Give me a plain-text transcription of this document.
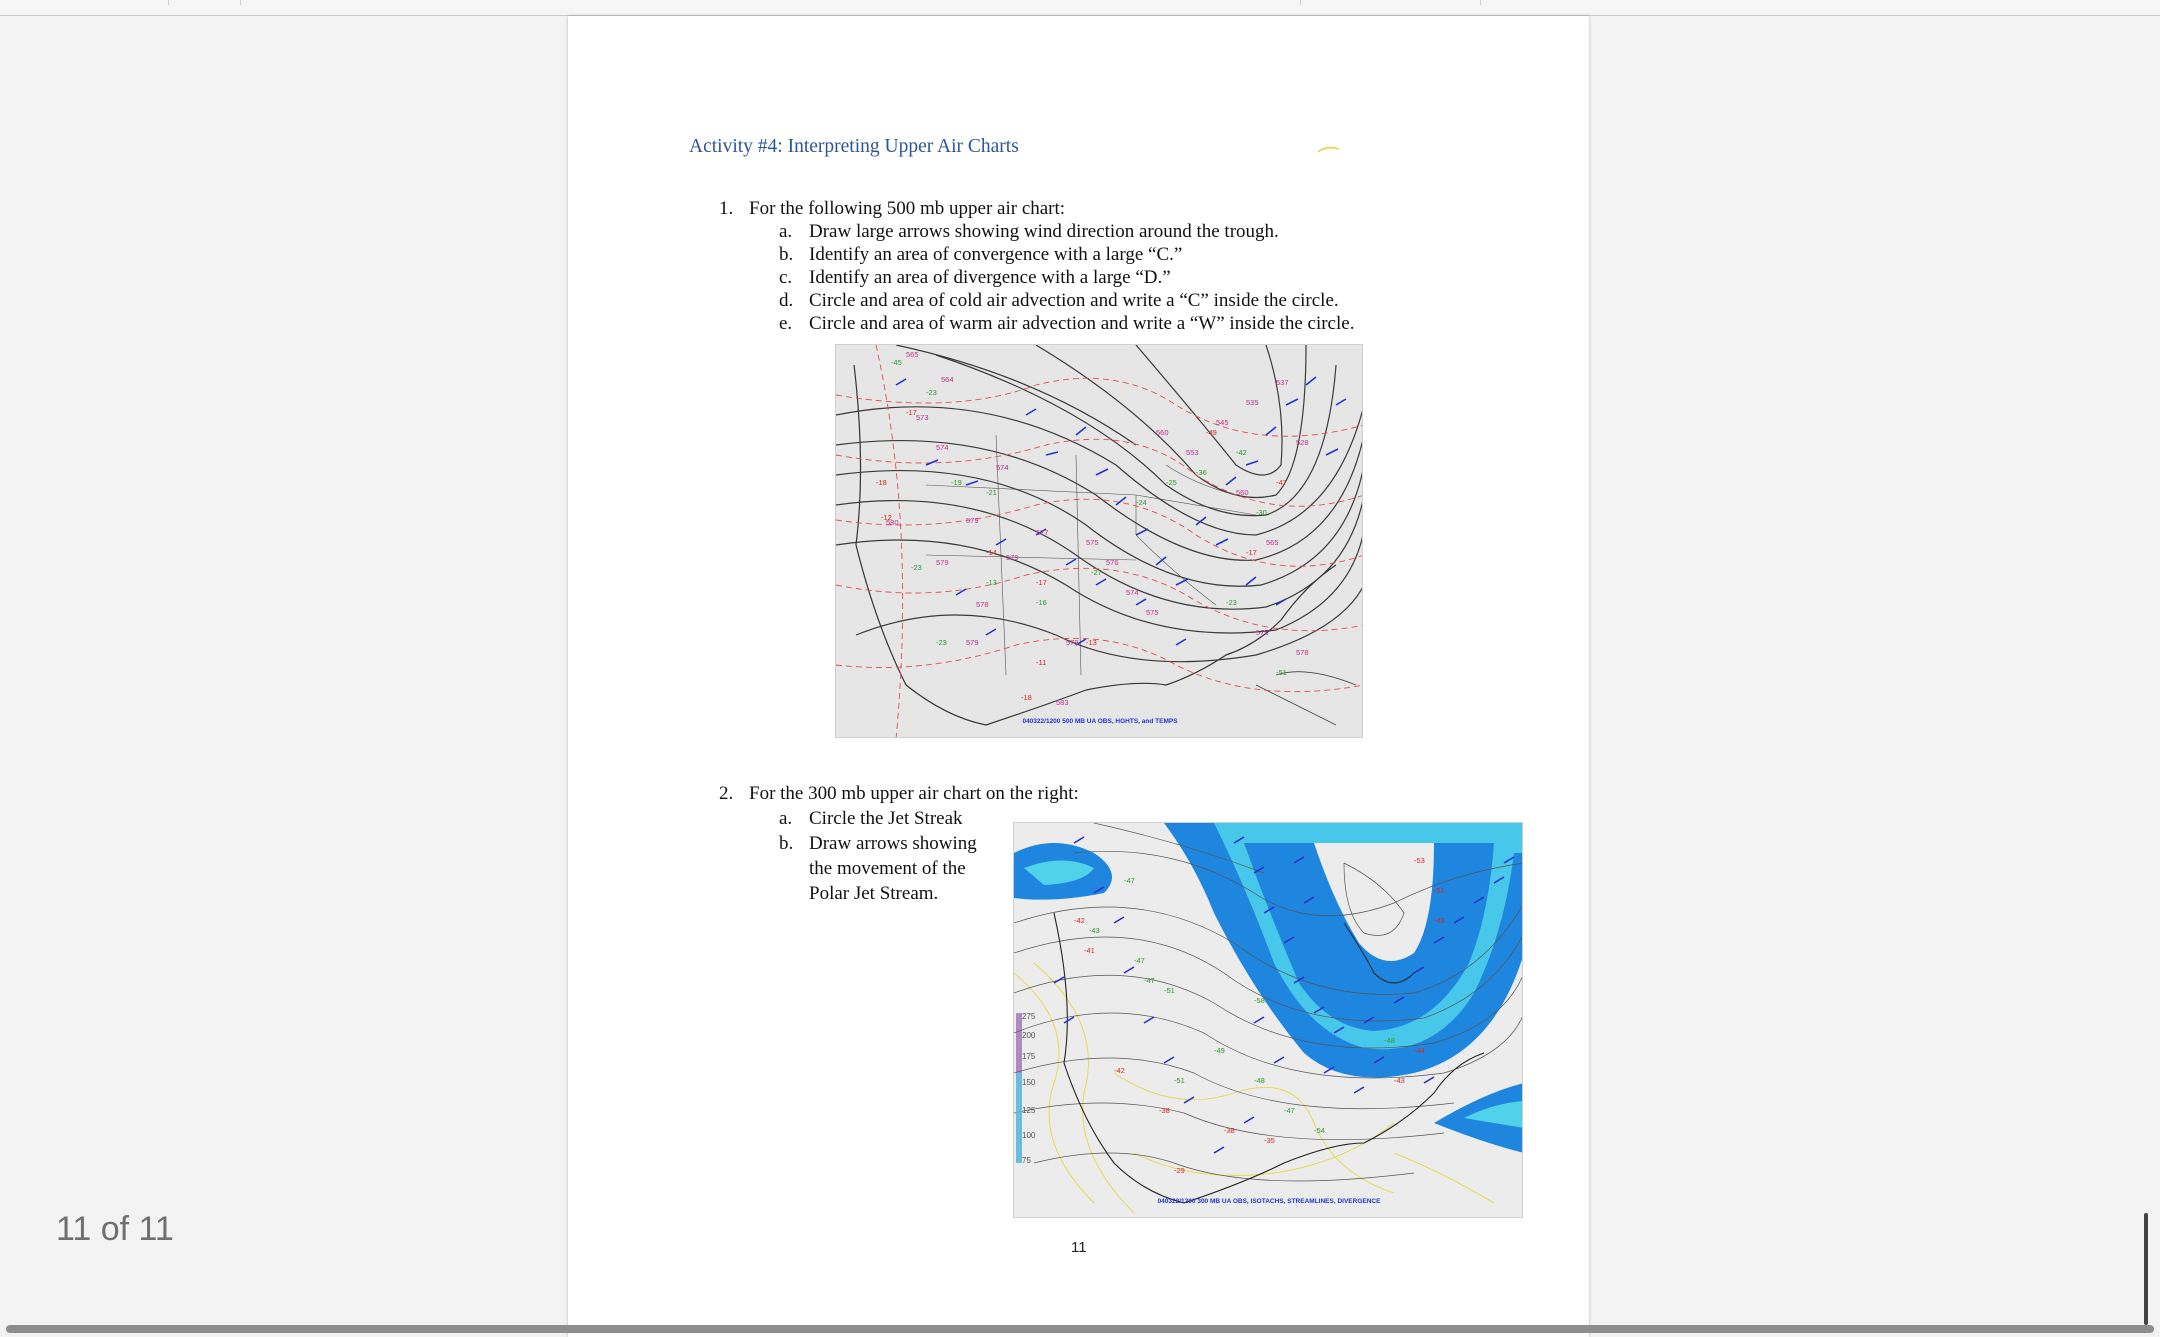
Activity #4: Interpreting Upper Air Charts
1. For the following 500 mb upper air chart:
a. Draw large arrows showing wind direction around the trough.
b. Identify an area of convergence with a large “C.”
c. Identify an area of divergence with a large “D.”
d. Circle and area of cold air advection and write a “C” inside the circle.
e. Circle and area of warm air advection and write a “W” inside the circle.
565
564
573
574
574
579
580
579
579
577
575
576
578
579	579
583
560
553
545
535
537
528
560
565
575
578
575
574
-45
-23
-19
-21
-23
-13
-16
-27
-24
-25
-36
-42
-30
-23
-51
-23
-17
-18
-12
-14
-17
-13
-11
-18
-49
-17
-47
040322/1200 500 MB UA OBS, HGHTS, and TEMPS
2. For the 300 mb upper air chart on the right:
a. Circle the Jet Streak
b. Draw arrows showing
the movement of the
Polar Jet Stream.
-47
-43
-47
-47
-51
-51
-49
-48
-47
-54
-58
-48
-42
-41
-42
-38
-29
-38
-35
-53
-51
-44
-43
-43
275
200
175
150
125
100
75
040322/1200 300 MB UA OBS, ISOTACHS, STREAMLINES, DIVERGENCE
11
11 of 11
